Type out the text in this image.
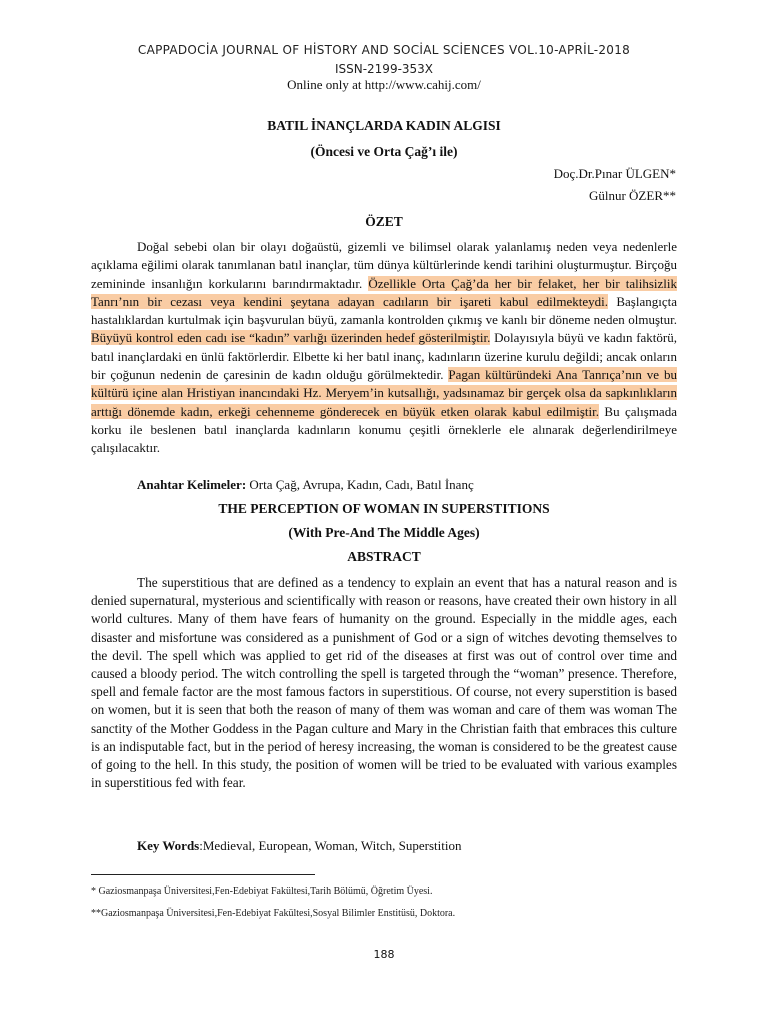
CAPPADOCİA JOURNAL OF HİSTORY AND SOCİAL SCİENCES VOL.10-APRİL-2018
ISSN-2199-353X
Online only at http://www.cahij.com/
BATIL İNANÇLARDA KADIN ALGISI
(Öncesi ve Orta Çağ’ı ile)
Doç.Dr.Pınar ÜLGEN*
Gülnur ÖZER**
ÖZET

Doğal sebebi olan bir olayı doğaüstü, gizemli ve bilimsel olarak yalanlamış neden veya nedenlerle açıklama eğilimi olarak tanımlanan batıl inançlar, tüm dünya kültürlerinde kendi tarihini oluşturmuştur. Birçoğu zemininde insanlığın korkularını barındırmaktadır. Özellikle Orta Çağ’da her bir felaket, her bir talihsizlik Tanrı’nın bir cezası veya kendini şeytana adayan cadıların bir işareti kabul edilmekteydi. Başlangıçta hastalıklardan kurtulmak için başvurulan büyü, zamanla kontrolden çıkmış ve kanlı bir döneme neden olmuştur. Büyüyü kontrol eden cadı ise “kadın” varlığı üzerinden hedef gösterilmiştir. Dolayısıyla büyü ve kadın faktörü, batıl inançlardaki en ünlü faktörlerdir. Elbette ki her batıl inanç, kadınların üzerine kurulu değildi; ancak onların bir çoğunun nedenin de çaresinin de kadın olduğu görülmektedir. Pagan kültüründeki Ana Tanrıça’nın ve bu kültürü içine alan Hristiyan inancındaki Hz. Meryem’in kutsallığı, yadsınamaz bir gerçek olsa da sapkınlıkların arttığı dönemde kadın, erkeği cehenneme gönderecek en büyük etken olarak kabul edilmiştir. Bu çalışmada korku ile beslenen batıl inançlarda kadınların konumu çeşitli örneklerle ele alınarak değerlendirilmeye çalışılacaktır.

Anahtar Kelimeler: Orta Çağ, Avrupa, Kadın, Cadı, Batıl İnanç
THE PERCEPTION OF WOMAN IN SUPERSTITIONS
(With Pre-And The Middle Ages)
ABSTRACT

The superstitious that are defined as a tendency to explain an event that has a natural reason and is denied supernatural, mysterious and scientifically with reason or reasons, have created their own history in all world cultures. Many of them have fears of humanity on the ground. Especially in the middle ages, each disaster and misfortune was considered as a punishment of God or a sign of witches devoting themselves to the devil. The spell which was applied to get rid of the diseases at first was out of control over time and caused a bloody period. The witch controlling the spell is targeted through the “woman” presence. Therefore, spell and female factor are the most famous factors in superstitious. Of course, not every superstition is based on women, but it is seen that both the reason of many of them was woman and care of them was woman The sanctity of the Mother Goddess in the Pagan culture and Mary in the Christian faith that embraces this culture is an indisputable fact, but in the period of heresy increasing, the woman is considered to be the greatest cause of going to the hell. In this study, the position of women will be tried to be evaluated with various examples in superstitious fed with fear.

Key Words:Medieval, European, Woman, Witch, Superstition
* Gaziosmanpaşa Üniversitesi,Fen-Edebiyat Fakültesi,Tarih Bölümü, Öğretim Üyesi.
**Gaziosmanpaşa Üniversitesi,Fen-Edebiyat Fakültesi,Sosyal Bilimler Enstitüsü, Doktora.
188
